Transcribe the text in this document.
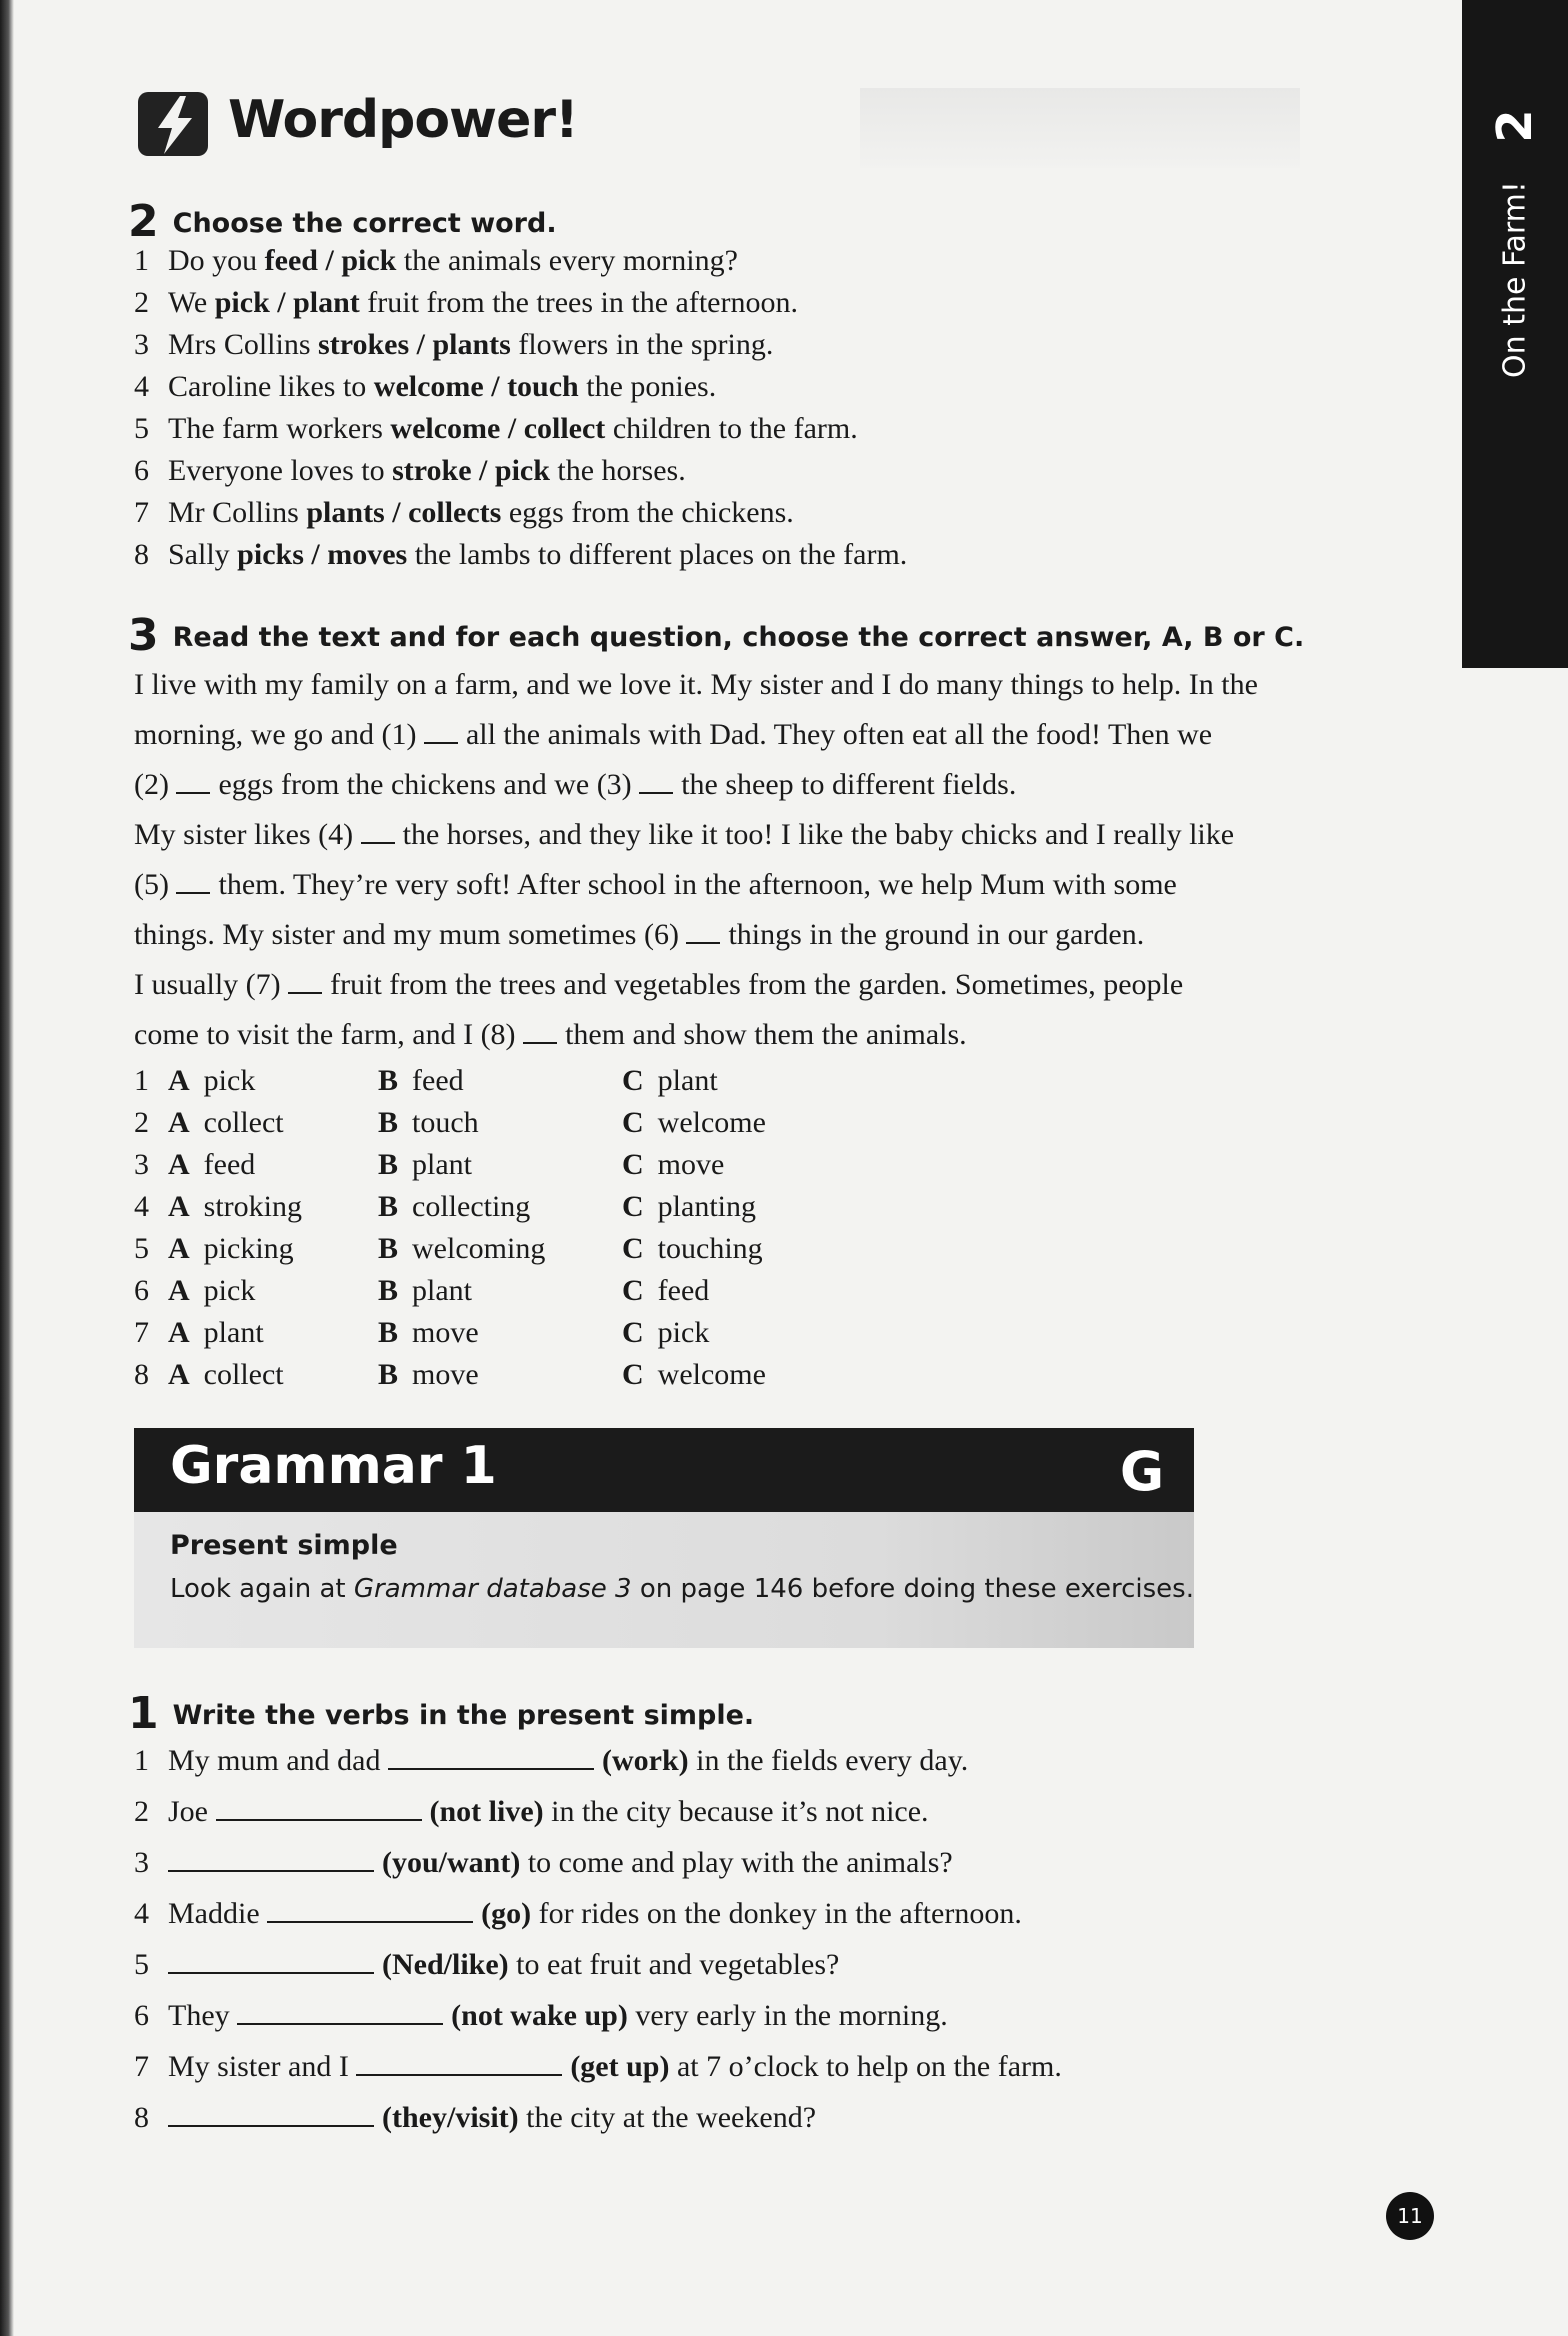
2
On the Farm!
Wordpower!
2 Choose the correct word.
1 Do you feed / pick the animals every morning?
2 We pick / plant fruit from the trees in the afternoon.
3 Mrs Collins strokes / plants flowers in the spring.
4 Caroline likes to welcome / touch the ponies.
5 The farm workers welcome / collect children to the farm.
6 Everyone loves to stroke / pick the horses.
7 Mr Collins plants / collects eggs from the chickens.
8 Sally picks / moves the lambs to different places on the farm.
3 Read the text and for each question, choose the correct answer, A, B or C.
I live with my family on a farm, and we love it. My sister and I do many things to help. In the
morning, we go and (1) all the animals with Dad. They often eat all the food! Then we
(2) eggs from the chickens and we (3) the sheep to different fields.
My sister likes (4) the horses, and they like it too! I like the baby chicks and I really like
(5) them. They’re very soft! After school in the afternoon, we help Mum with some
things. My sister and my mum sometimes (6) things in the ground in our garden.
I usually (7) fruit from the trees and vegetables from the garden. Sometimes, people
come to visit the farm, and I (8) them and show them the animals.
1 A pick	B feed	C plant
2 A collect	B touch	C welcome
3 A feed	B plant	C move
4 A stroking	B collecting	C planting
5 A picking	B welcoming	C touching
6 A pick	B plant	C feed
7 A plant	B move	C pick
8 A collect	B move	C welcome
Grammar 1	G
Present simple
Look again at Grammar database 3 on page 146 before doing these exercises.
1 Write the verbs in the present simple.
1 My mum and dad	(work) in the fields every day.
2 Joe	(not live) in the city because it’s not nice.
3	(you/want) to come and play with the animals?
4 Maddie	(go) for rides on the donkey in the afternoon.
5	(Ned/like) to eat fruit and vegetables?
6 They	(not wake up) very early in the morning.
7 My sister and I	(get up) at 7 o’clock to help on the farm.
8	(they/visit) the city at the weekend?
11
